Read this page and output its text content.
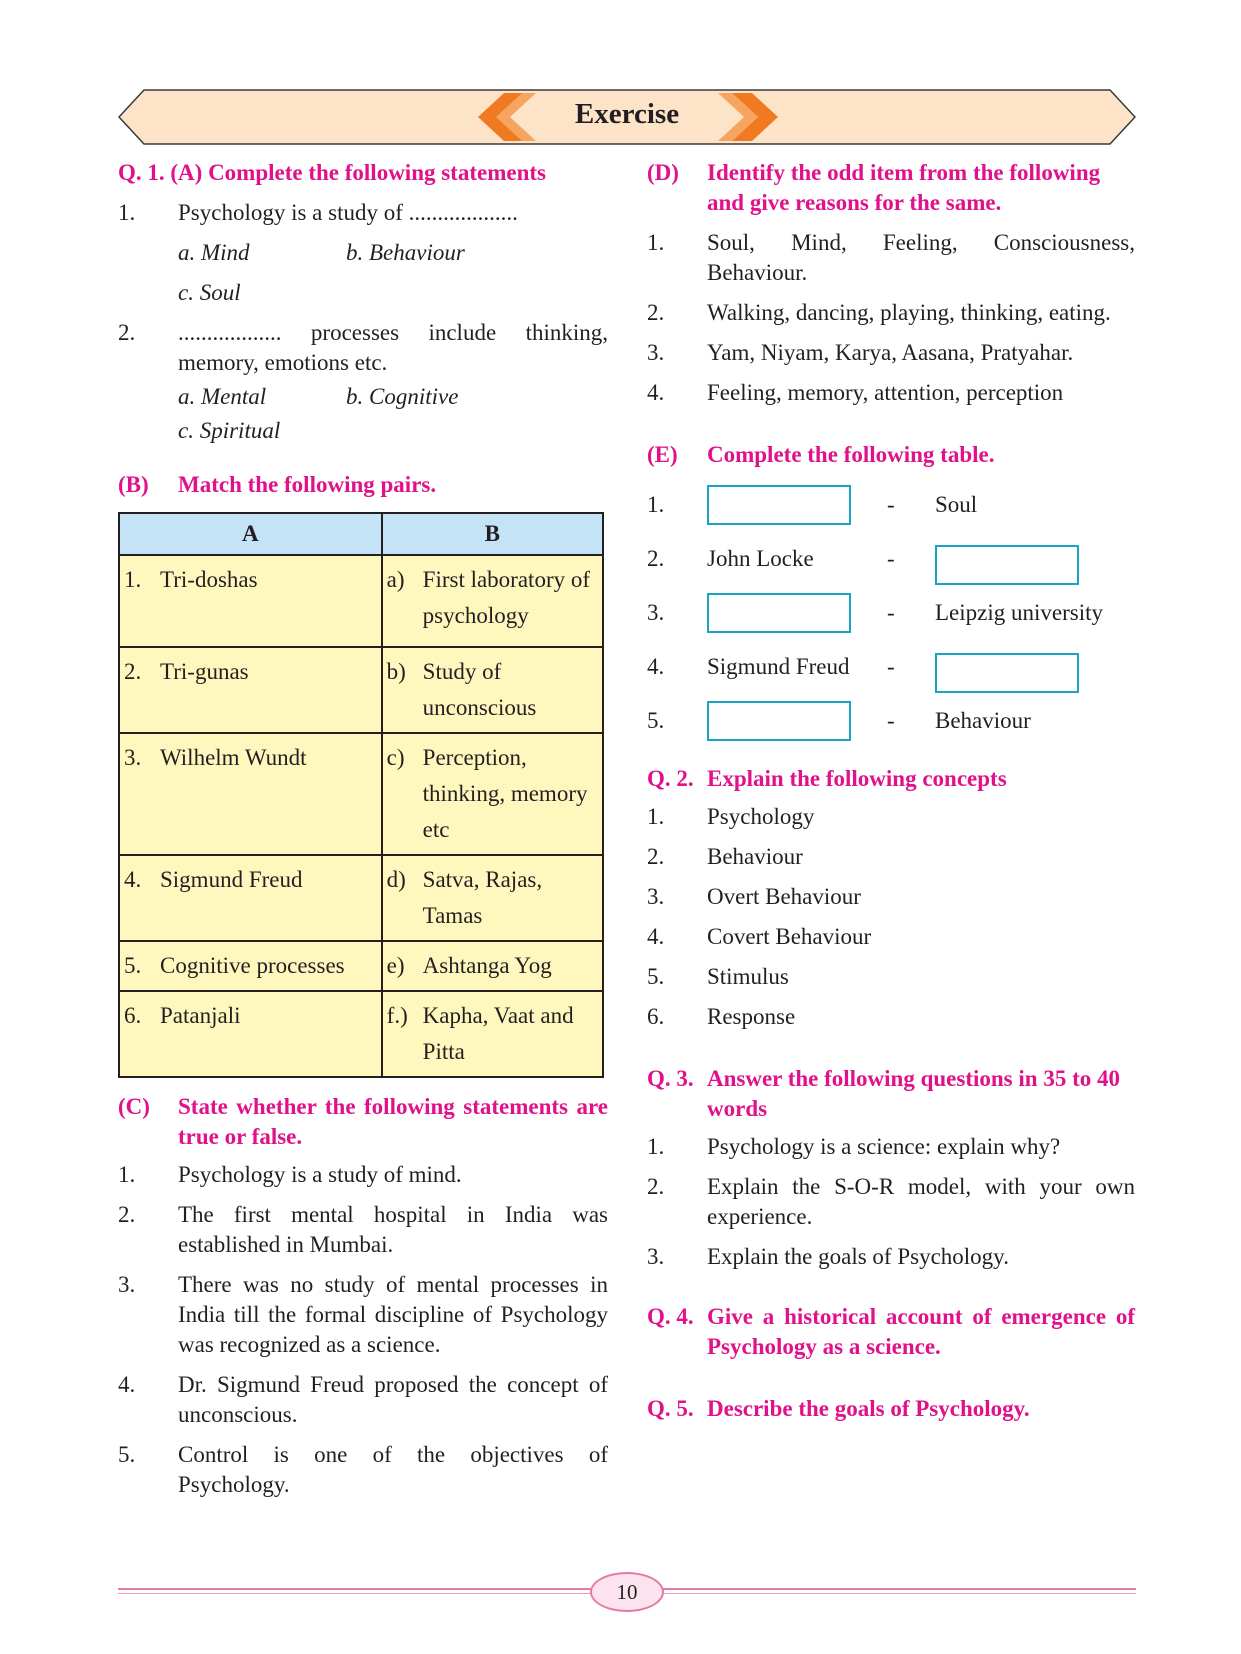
Exercise
Q. 1.
(A) Complete the following statements
1.	Psychology is a study of ...................
a. Mind	b. Behaviour
c. Soul
2.	.................. processes include thinking, memory, emotions etc.
a. Mental	b. Cognitive
c. Spiritual
(B)	Match the following pairs.
A	B

1. Tri-doshas	a) First laboratory of psychology

2. Tri-gunas	b) Study of unconscious

3. Wilhelm Wundt	c) Perception, thinking, memory etc

4. Sigmund Freud	d) Satva, Rajas, Tamas

5. Cognitive processes	e) Ashtanga Yog

6. Patanjali	f.) Kapha, Vaat and Pitta
(C)	State whether the following statements are true or false.
1.	Psychology is a study of mind.
2.	The first mental hospital in India was established in Mumbai.
3.	There was no study of mental processes in India till the formal discipline of Psychology was recognized as a science.
4.	Dr. Sigmund Freud proposed the concept of unconscious.
5.	Control is one of the objectives of Psychology.
(D)	Identify the odd item from the following and give reasons for the same.
1.	Soul, Mind, Feeling, Consciousness, Behaviour.
2.	Walking, dancing, playing, thinking, eating.
3.	Yam, Niyam, Karya, Aasana, Pratyahar.
4.	Feeling, memory, attention, perception
(E)	Complete the following table.
1.	-	Soul
2.	John Locke	-
3.	-	Leipzig university
4.	Sigmund Freud	-
5.	-	Behaviour
Q. 2. Explain the following concepts
1.	Psychology
2.	Behaviour
3.	Overt Behaviour
4.	Covert Behaviour
5.	Stimulus
6.	Response
Q. 3. Answer the following questions in 35 to 40 words
1.	Psychology is a science: explain why?
2.	Explain the S-O-R model, with your own experience.
3.	Explain the goals of Psychology.
Q. 4. Give a historical account of emergence of Psychology as a science.
Q. 5. Describe the goals of Psychology.
10
